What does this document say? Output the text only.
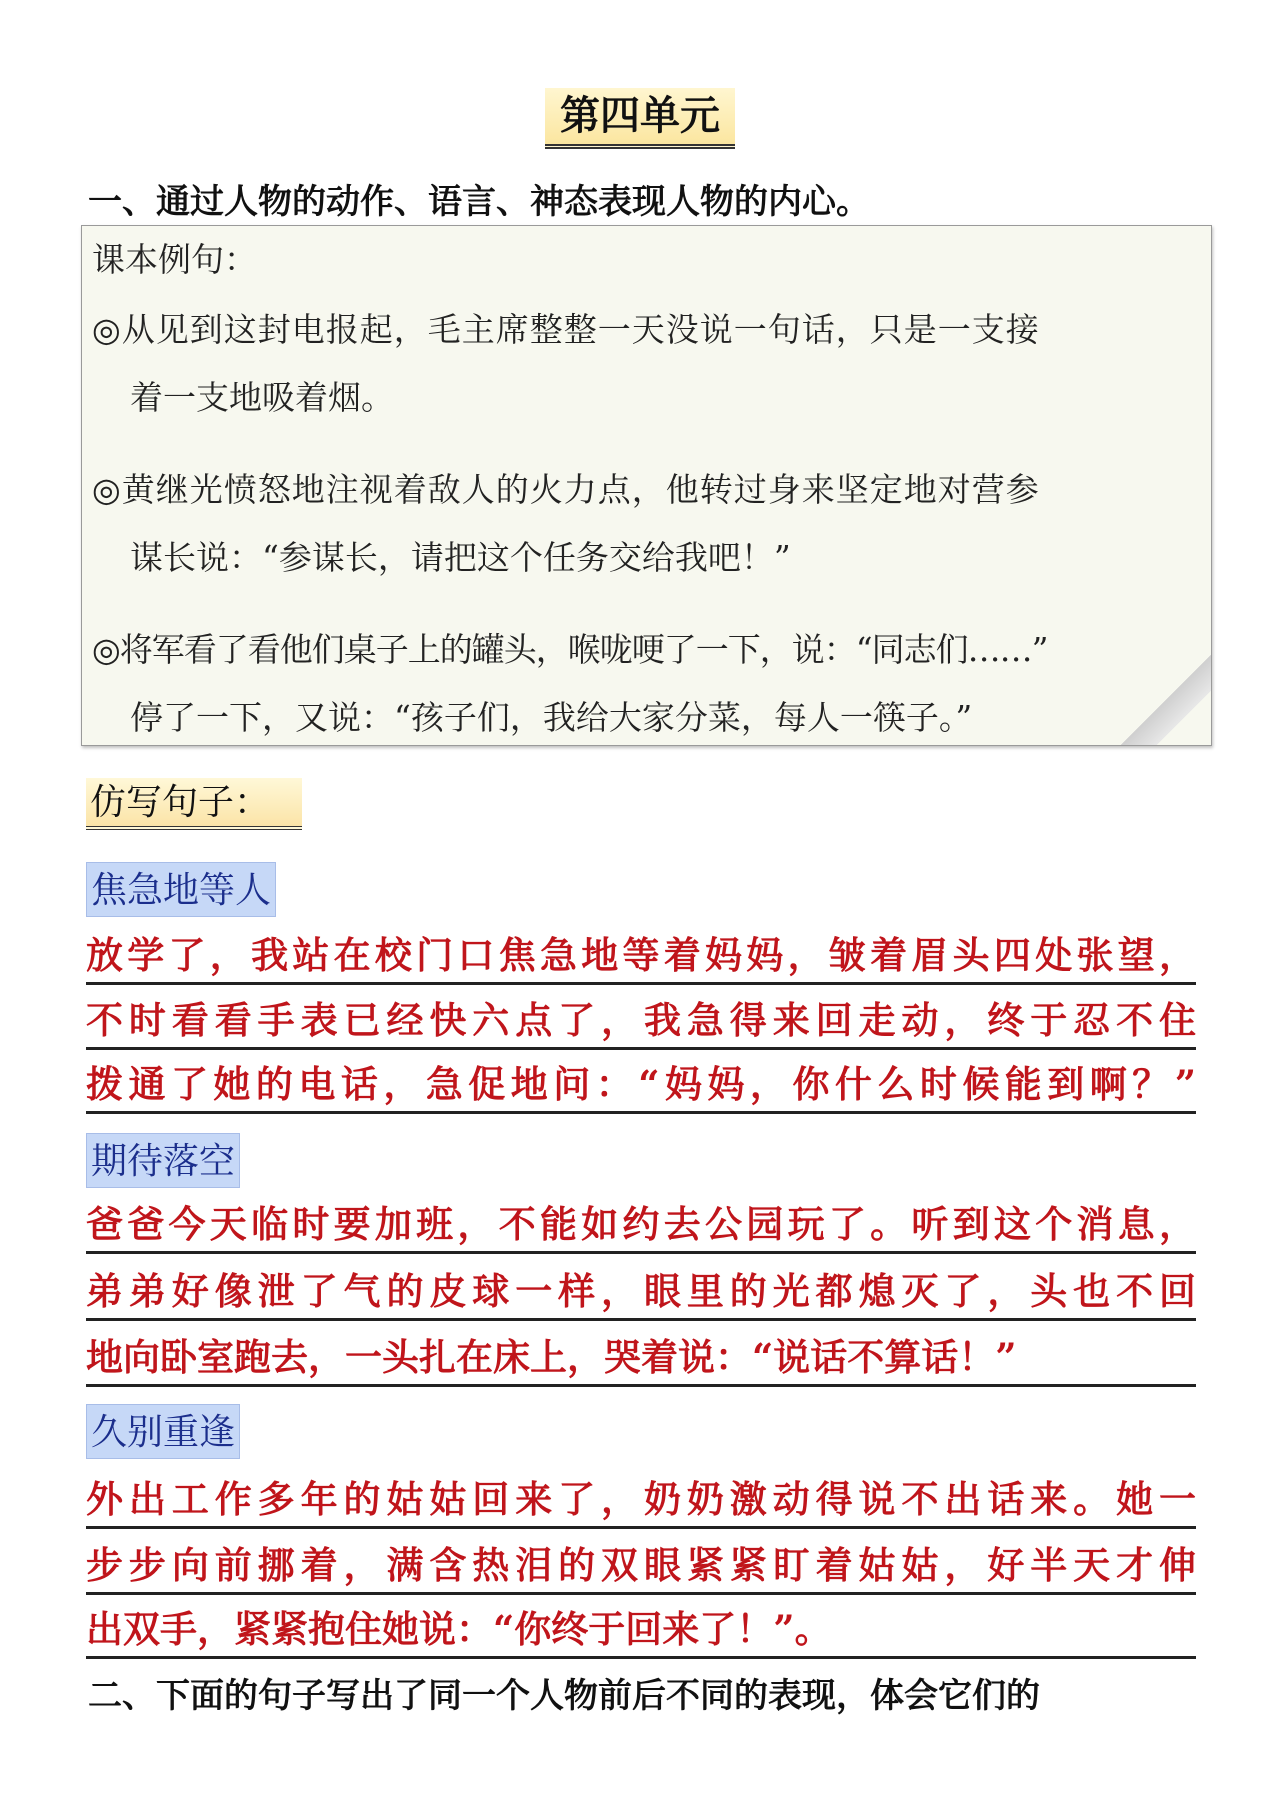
第四单元
一、通过人物的动作、语言、神态表现人物的内心。
课本例句：
◎从见到这封电报起，毛主席整整一天没说一句话，只是一支接
着一支地吸着烟。
◎黄继光愤怒地注视着敌人的火力点，他转过身来坚定地对营参
谋长说：“参谋长，请把这个任务交给我吧！”
◎将军看了看他们桌子上的罐头，喉咙哽了一下，说：“同志们……”
停了一下，又说：“孩子们，我给大家分菜，每人一筷子。”
仿写句子：
焦急地等人
放学了，我站在校门口焦急地等着妈妈，皱着眉头四处张望，
不时看看手表已经快六点了，我急得来回走动，终于忍不住
拨通了她的电话，急促地问：“妈妈，你什么时候能到啊？”
期待落空
爸爸今天临时要加班，不能如约去公园玩了。听到这个消息，
弟弟好像泄了气的皮球一样，眼里的光都熄灭了，头也不回
地向卧室跑去，一头扎在床上，哭着说：“说话不算话！”
久别重逢
外出工作多年的姑姑回来了，奶奶激动得说不出话来。她一
步步向前挪着，满含热泪的双眼紧紧盯着姑姑，好半天才伸
出双手，紧紧抱住她说：“你终于回来了！”。
二、下面的句子写出了同一个人物前后不同的表现，体会它们的
